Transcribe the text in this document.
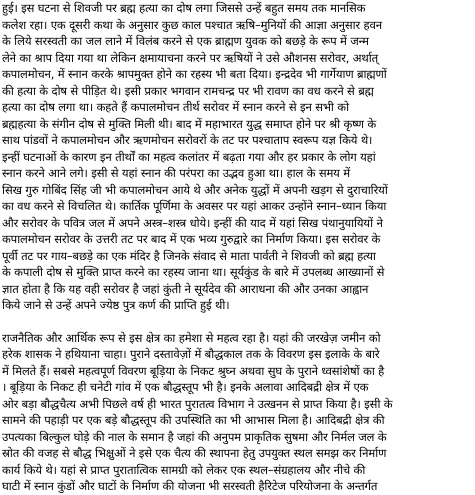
हुई। इस घटना से शिवजी पर ब्रह्म हत्या का दोष लगा जिससे उन्हें बहुत समय तक मानसिक
कलेश रहा। एक दूसरी कथा के अनुसार कुछ काल पश्चात ऋषि–मुनियों की आज्ञा अनुसार हवन
के लिये सरस्वती का जल लाने में विलंब करने से एक ब्राह्मण युवक को बछड़े के रूप में जन्म
लेने का श्राप दिया गया था लेकिन क्षमायाचना करने पर ऋषियों ने उसे औशनस सरोवर, अर्थात्
कपालमोचन, में स्नान करके श्रापमुक्त होने का रहस्य भी बता दिया। इन्द्रदेव भी गार्गेयाण ब्राह्मणों
की हत्या के दोष से पीड़ित थे। इसी प्रकार भगवान रामचन्द्र पर भी रावण का वध करने से ब्रह्म
हत्या का दोष लगा था। कहते हैं कपालमोचन तीर्थ सरोवर में स्नान करने से इन सभी को
ब्रह्महत्या के संगीन दोष से मुक्ति मिली थी। बाद में महाभारत युद्ध समाप्त होने पर श्री कृष्ण के
साथ पांडवों ने कपालमोचन और ऋणमोचन सरोवरों के तट पर पश्चाताप स्वरूप यज्ञ किये थे।
इन्हीं घटनाओं के कारण इन तीर्थों का महत्व कलांतर में बढ़ता गया और हर प्रकार के लोग यहां
स्नान करने आने लगे। इसी से यहां स्नान की परंपरा का उद्भव हुआ था। हाल के समय में
सिख गुरु गोबिंद सिंह जी भी कपालमोचन आये थे और अनेक युद्धों में अपनी खड़ग से दुराचारियों
का वध करने से विचलित थे। कार्तिक पूर्णिमा के अवसर पर यहां आकर उन्होंने स्नान–ध्यान किया
और सरोवर के पवित्र जल में अपने अस्त्र–शस्त्र धोये। इन्हीं की याद में यहां सिख पंथानुयायियों ने
कपालमोचन सरोवर के उत्तरी तट पर बाद में एक भव्य गुरुद्वारे का निर्माण किया। इस सरोवर के
पूर्वी तट पर गाय–बछड़े का एक मंदिर है जिनके संवाद से माता पार्वती ने शिवजी को ब्रह्म हत्या
के कपाली दोष से मुक्ति प्राप्त करने का रहस्य जाना था। सूर्यकुंड के बारे में उपलब्ध आख्यानों से
ज्ञात होता है कि यह वही सरोवर है जहां कुंती ने सूर्यदेव की आराधना की और उनका आह्वान
किये जाने से उन्हें अपने ज्येष्ठ पुत्र कर्ण की प्राप्ति हुई थी।
राजनैतिक और आर्थिक रूप से इस क्षेत्र का हमेशा से महत्व रहा है। यहां की जरखेज़ जमीन को
हरेक शासक ने हथियाना चाहा। पुराने दस्तावेज़ों में बौद्धकाल तक के विवरण इस इलाके के बारे
में मिलते हैं। सबसे महत्वपूर्ण विवरण बूड़िया के निकट श्रुघ्न अथवा सुघ के पुराने ध्वसांशेषों का है
। बूड़िया के निकट ही चनेटी गांव में एक बौद्धस्तूप भी है। इनके अलावा आदिबद्री क्षेत्र में एक
ओर बड़ा बौद्धचैत्य अभी पिछले वर्ष ही भारत पुरातत्व विभाग ने उत्खनन से प्राप्त किया है। इसी के
सामने की पहाड़ी पर एक बड़े बौद्धस्तूप की उपस्थिति का भी आभास मिला है। आदिबद्री क्षेत्र की
उपत्यका बिल्कुल घोड़े की नाल के समान है जहां की अनुपम प्राकृतिक सुषमा और निर्मल जल के
स्रोत की वजह से बौद्ध भिक्षुओं ने इसे एक चैत्य की स्थापना हेतु उपयुक्त स्थल समझ कर निर्माण
कार्य किये थे। यहां से प्राप्त पुरातात्विक सामग्री को लेकर एक स्थल–संग्रहालय और नीचे की
घाटी में स्नान कुंडों और घाटों के निर्माण की योजना भी सरस्वती हैरिटेज परियोजना के अन्तर्गत
